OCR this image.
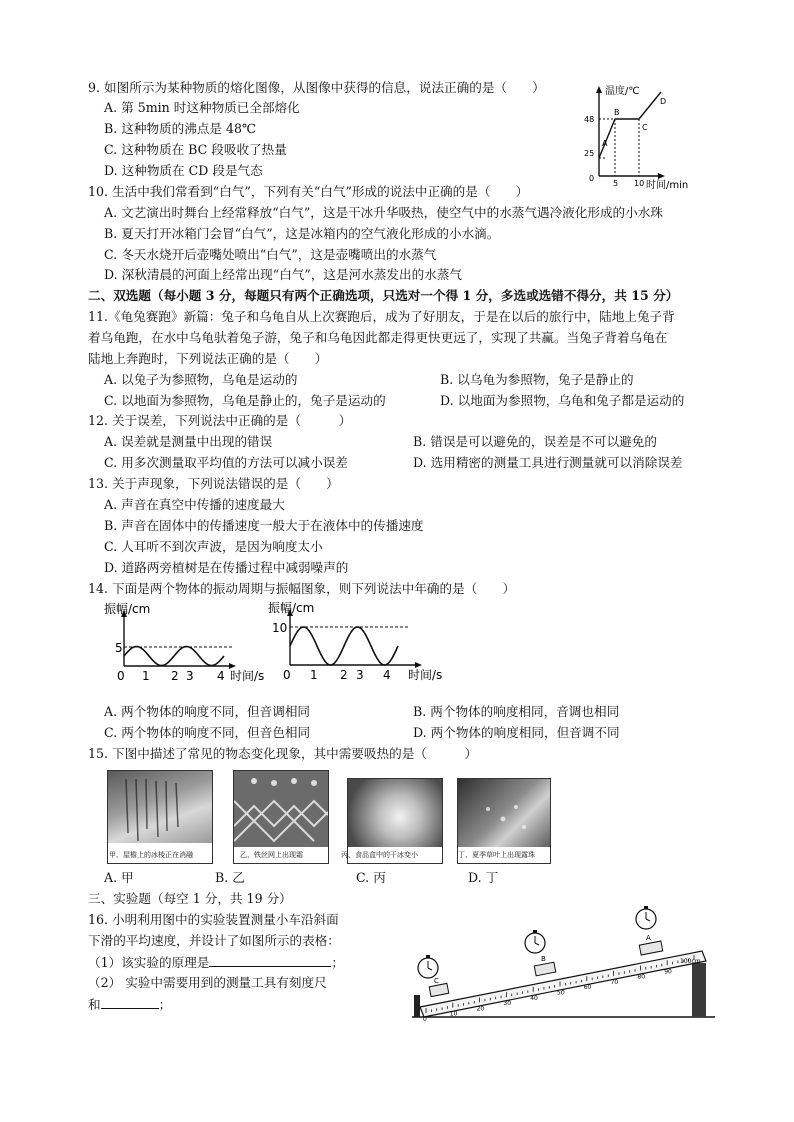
9. 如图所示为某种物质的熔化图像，从图像中获得的信息，说法正确的是（　　）
A. 第 5min 时这种物质已全部熔化
B. 这种物质的沸点是 48℃
C. 这种物质在 BC 段吸收了热量
D. 这种物质在 CD 段是气态
温度/℃
时间/min
48
25
0
5 10
A
B
C
D
10. 生活中我们常看到“白气”，下列有关“白气”形成的说法中正确的是（　　）
A. 文艺演出时舞台上经常释放“白气”，这是干冰升华吸热，使空气中的水蒸气遇冷液化形成的小水珠
B. 夏天打开冰箱门会冒“白气”，这是冰箱内的空气液化形成的小水滴。
C. 冬天水烧开后壶嘴处喷出“白气”，这是壶嘴喷出的水蒸气
D. 深秋清晨的河面上经常出现“白气”，这是河水蒸发出的水蒸气
二、双选题（每小题 3 分，每题只有两个正确选项，只选对一个得 1 分，多选或选错不得分，共 15 分）
11.《龟兔赛跑》新篇：兔子和乌龟自从上次赛跑后，成为了好朋友，于是在以后的旅行中，陆地上兔子背
着乌龟跑，在水中乌龟驮着兔子游，兔子和乌龟因此都走得更快更远了，实现了共赢。当兔子背着乌龟在
陆地上奔跑时，下列说法正确的是（　　）
A. 以兔子为参照物，乌龟是运动的	B. 以乌龟为参照物，兔子是静止的
C. 以地面为参照物，乌龟是静止的，兔子是运动的	D. 以地面为参照物，乌龟和兔子都是运动的
12. 关于误差，下列说法中正确的是（　　　）
A. 误差就是测量中出现的错误	B. 错误是可以避免的，误差是不可以避免的
C. 用多次测量取平均值的方法可以减小误差	D. 选用精密的测量工具进行测量就可以消除误差
13. 关于声现象，下列说法错误的是（　　）
A. 声音在真空中传播的速度最大
B. 声音在固体中的传播速度一般大于在液体中的传播速度
C. 人耳听不到次声波，是因为响度太小
D. 道路两旁植树是在传播过程中减弱噪声的
14. 下面是两个物体的振动周期与振幅图象，则下列说法中年确的是（　　）
振幅/cm
时间/s
5
0 1 2 3 4
振幅/cm
时间/s
10
0 1 2 3 4
A. 两个物体的响度不同，但音调相同	B. 两个物体的响度相同，音调也相同
C. 两个物体的响度不同，但音色相同	D. 两个物体的响度相同，但音调不同
15. 下图中描述了常见的物态变化现象，其中需要吸热的是（　　　）
甲、屋檐上的冰棱正在消融	乙、铁丝网上出现霜	丙、食品盒中的干冰变小	丁、夏季草叶上出现露珠
A. 甲	B. 乙	C. 丙	D. 丁
三、实验题（每空 1 分，共 19 分）
16. 小明利用图中的实验装置测量小车沿斜面
下滑的平均速度，并设计了如图所示的表格：
（1）该实验的原理是	；
（2） 实验中需要用到的测量工具有刻度尺
和	；
0
10
20
30
40
50
60
70
80
90
100cm
A
B
C
